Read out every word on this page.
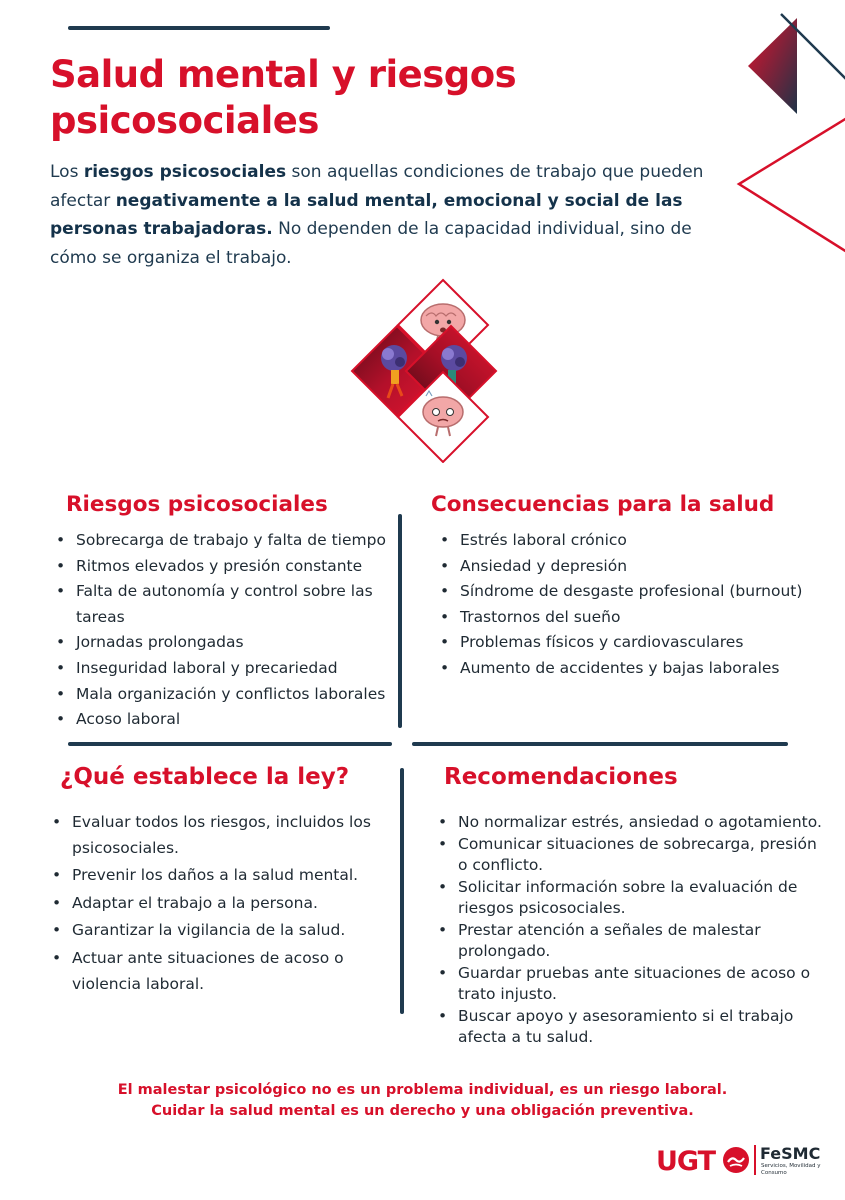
Salud mental y riesgos psicosociales

Los riesgos psicosociales son aquellas condiciones de trabajo que pueden afectar negativamente a la salud mental, emocional y social de las personas trabajadoras. No dependen de la capacidad individual, sino de cómo se organiza el trabajo.

Riesgos psicosociales
• Sobrecarga de trabajo y falta de tiempo
• Ritmos elevados y presión constante
• Falta de autonomía y control sobre las tareas
• Jornadas prolongadas
• Inseguridad laboral y precariedad
• Mala organización y conflictos laborales
• Acoso laboral
Consecuencias para la salud
• Estrés laboral crónico
• Ansiedad y depresión
• Síndrome de desgaste profesional (burnout)
• Trastornos del sueño
• Problemas físicos y cardiovasculares
• Aumento de accidentes y bajas laborales
¿Qué establece la ley?
• Evaluar todos los riesgos, incluidos los psicosociales.
• Prevenir los daños a la salud mental.
• Adaptar el trabajo a la persona.
• Garantizar la vigilancia de la salud.
• Actuar ante situaciones de acoso o violencia laboral.
Recomendaciones
• No normalizar estrés, ansiedad o agotamiento.
• Comunicar situaciones de sobrecarga, presión o conflicto.
• Solicitar información sobre la evaluación de riesgos psicosociales.
• Prestar atención a señales de malestar prolongado.
• Guardar pruebas ante situaciones de acoso o trato injusto.
• Buscar apoyo y asesoramiento si el trabajo afecta a tu salud.

El malestar psicológico no es un problema individual, es un riesgo laboral.
Cuidar la salud mental es un derecho y una obligación preventiva.

UGT	FeSMC
Servicios, Movilidad y Consumo
